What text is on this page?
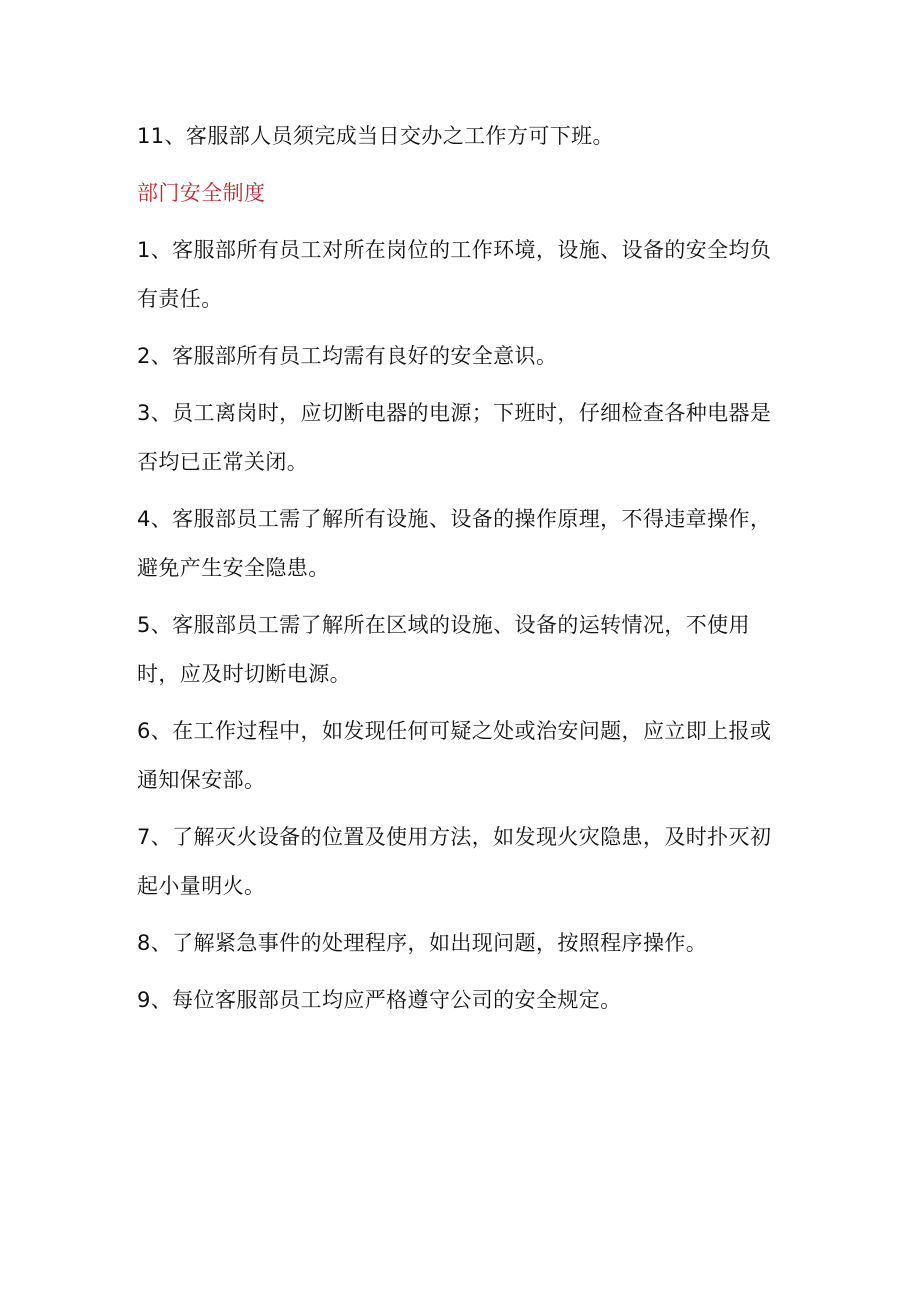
11、客服部人员须完成当日交办之工作方可下班。

部门安全制度

1、客服部所有员工对所在岗位的工作环境，设施、设备的安全均负有责任。

2、客服部所有员工均需有良好的安全意识。

3、员工离岗时，应切断电器的电源；下班时，仔细检查各种电器是否均已正常关闭。

4、客服部员工需了解所有设施、设备的操作原理，不得违章操作，避免产生安全隐患。

5、客服部员工需了解所在区域的设施、设备的运转情况，不使用时，应及时切断电源。

6、在工作过程中，如发现任何可疑之处或治安问题，应立即上报或通知保安部。

7、了解灭火设备的位置及使用方法，如发现火灾隐患，及时扑灭初起小量明火。

8、了解紧急事件的处理程序，如出现问题，按照程序操作。

9、每位客服部员工均应严格遵守公司的安全规定。
